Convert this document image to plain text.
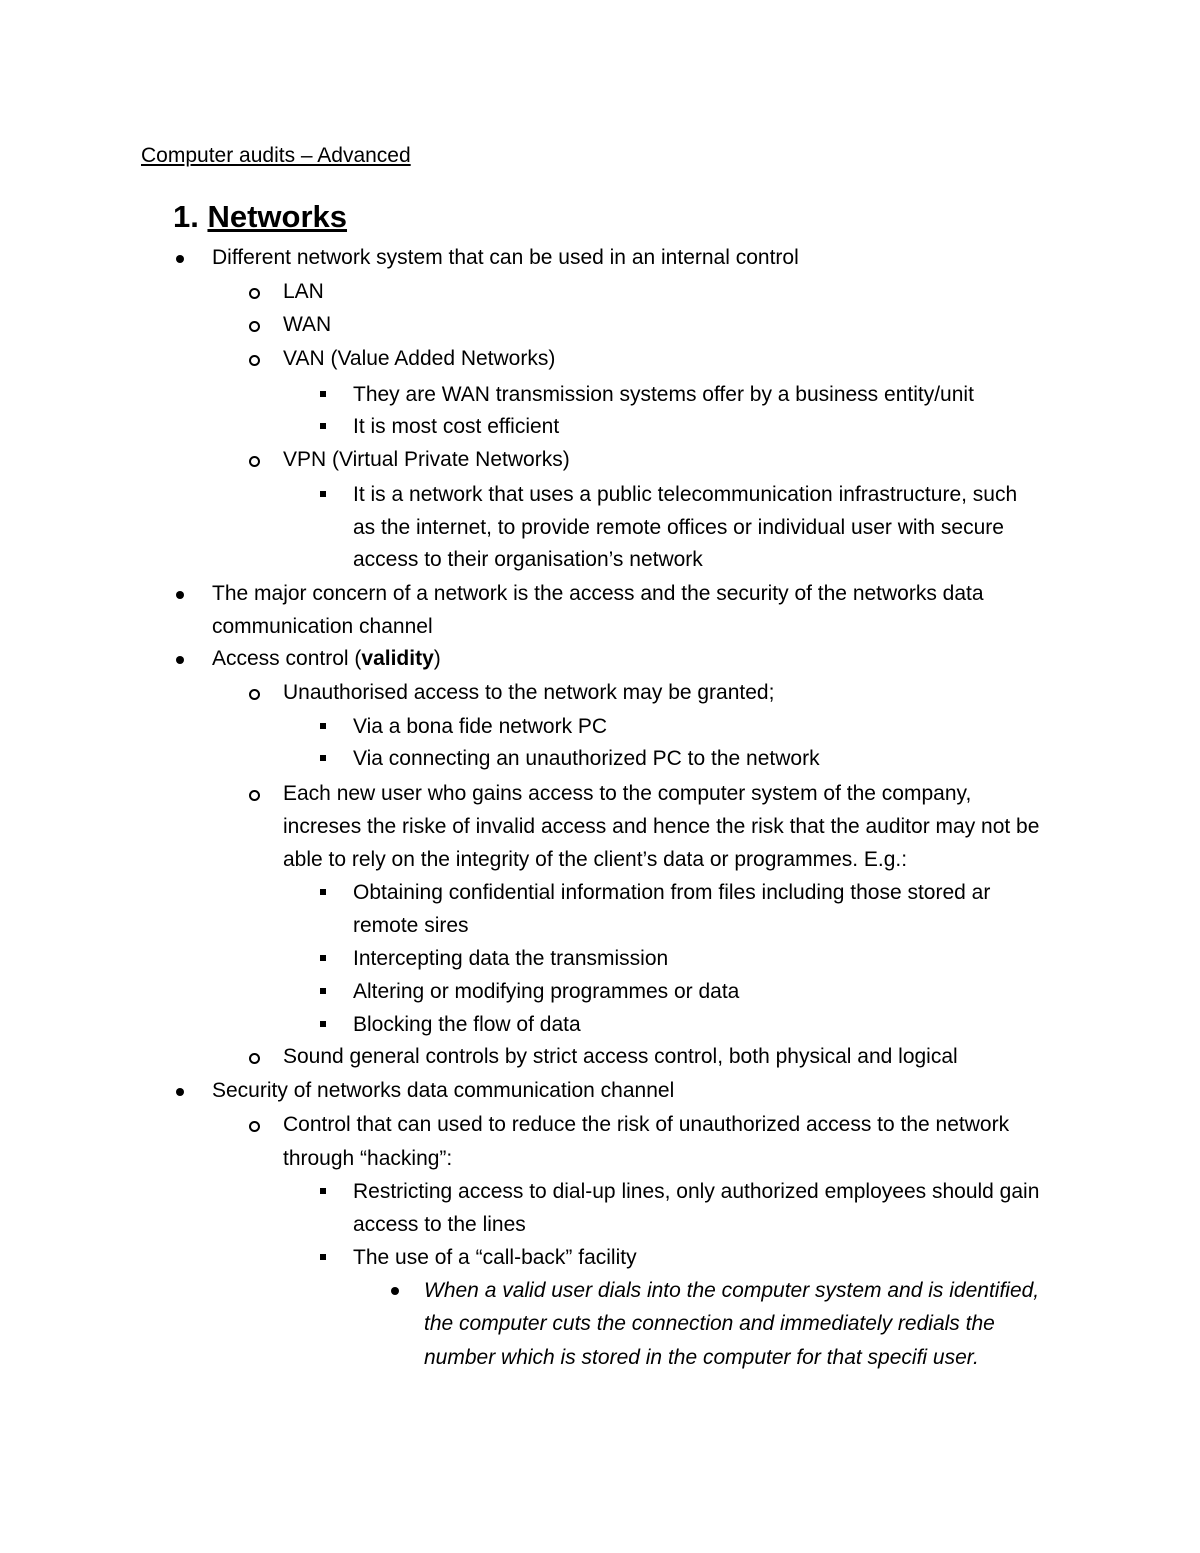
Computer audits – Advanced
1. Networks
Different network system that can be used in an internal control
LAN
WAN
VAN (Value Added Networks)
They are WAN transmission systems offer by a business entity/unit
It is most cost efficient
VPN (Virtual Private Networks)
It is a network that uses a public telecommunication infrastructure, such
as the internet, to provide remote offices or individual user with secure
access to their organisation’s network
The major concern of a network is the access and the security of the networks data
communication channel
Access control (validity)
Unauthorised access to the network may be granted;
Via a bona fide network PC
Via connecting an unauthorized PC to the network
Each new user who gains access to the computer system of the company,
increses the riske of invalid access and hence the risk that the auditor may not be
able to rely on the integrity of the client’s data or programmes. E.g.:
Obtaining confidential information from files including those stored ar
remote sires
Intercepting data the transmission
Altering or modifying programmes or data
Blocking the flow of data
Sound general controls by strict access control, both physical and logical
Security of networks data communication channel
Control that can used to reduce the risk of unauthorized access to the network
through “hacking”:
Restricting access to dial-up lines, only authorized employees should gain
access to the lines
The use of a “call-back” facility
When a valid user dials into the computer system and is identified,
the computer cuts the connection and immediately redials the
number which is stored in the computer for that specifi user.
